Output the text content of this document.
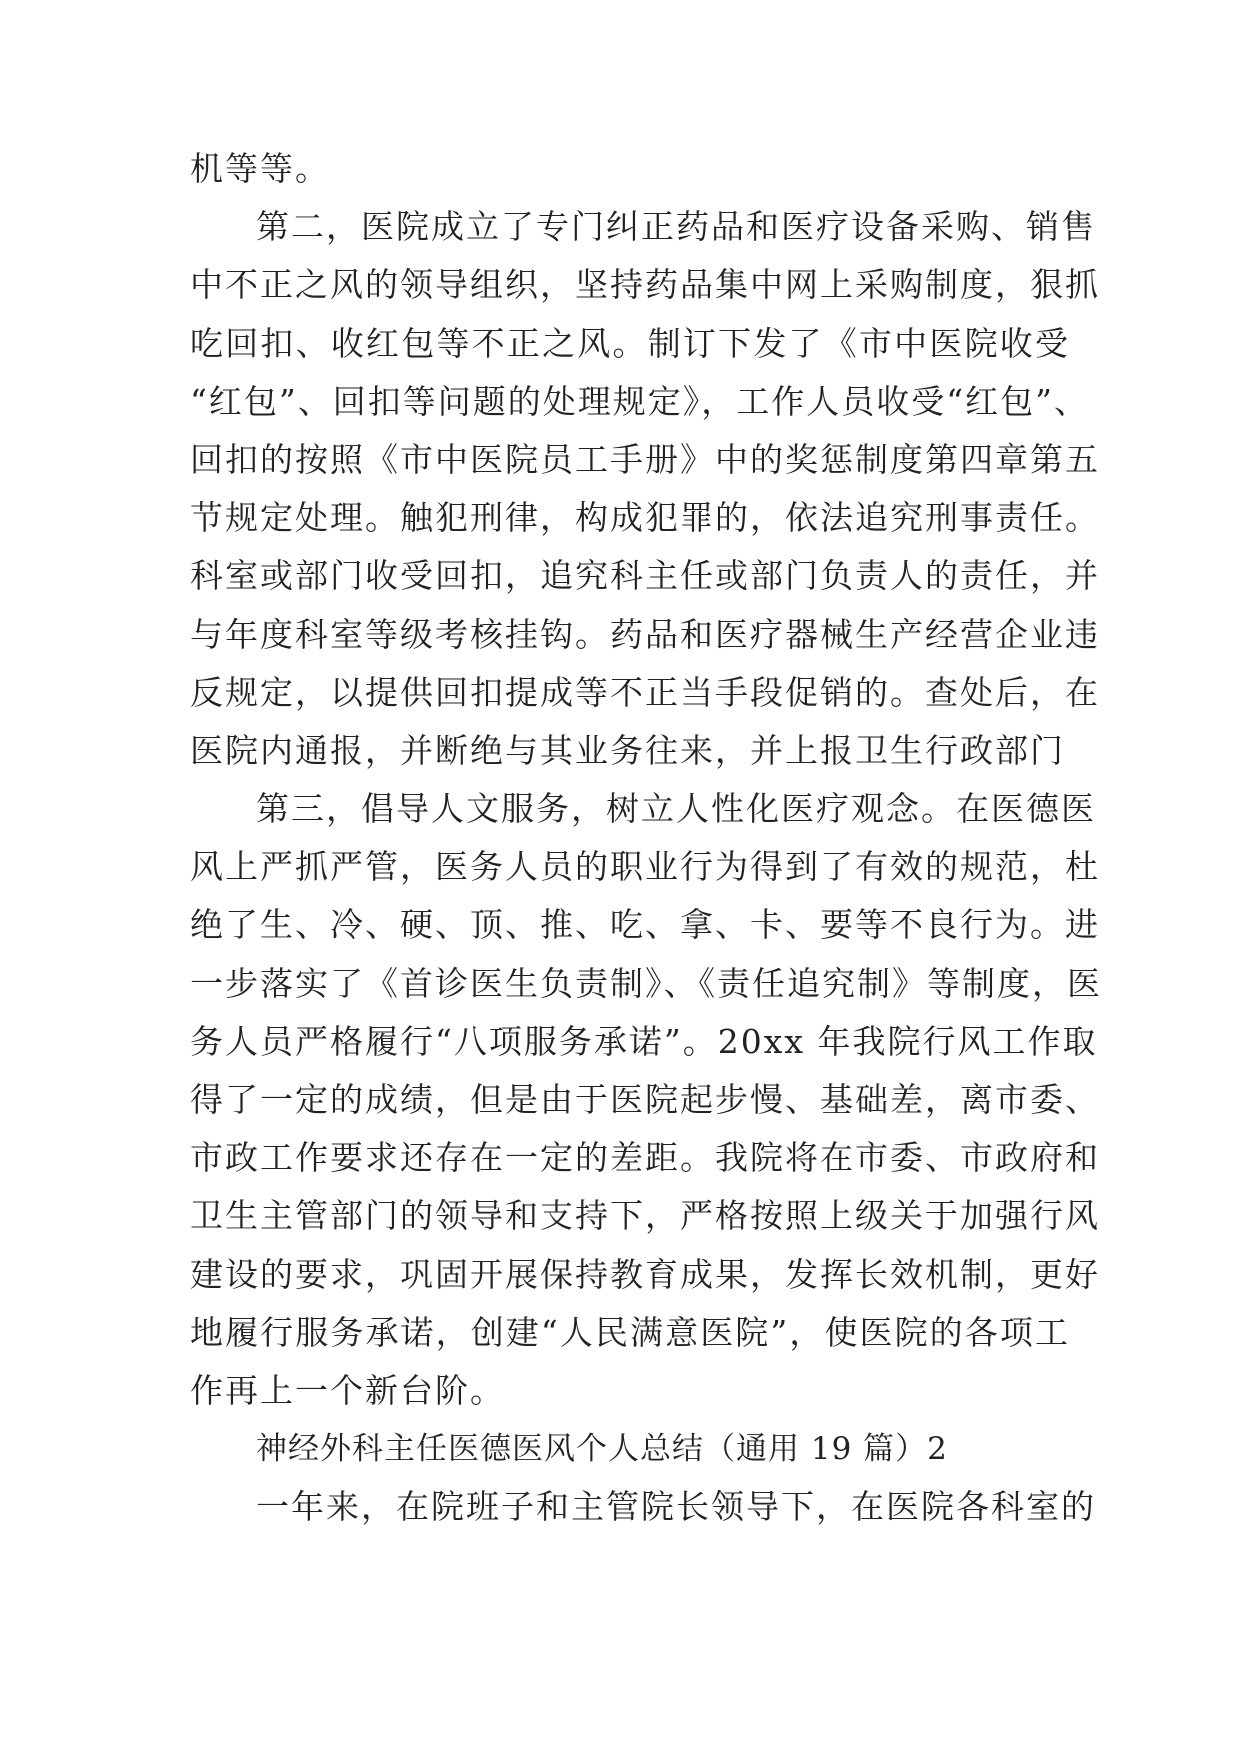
机等等。
第二，医院成立了专门纠正药品和医疗设备采购、销售
中不正之风的领导组织，坚持药品集中网上采购制度，狠抓
吃回扣、收红包等不正之风。制订下发了《市中医院收受
“红包”、回扣等问题的处理规定》，工作人员收受“红包”、
回扣的按照《市中医院员工手册》中的奖惩制度第四章第五
节规定处理。触犯刑律，构成犯罪的，依法追究刑事责任。
科室或部门收受回扣，追究科主任或部门负责人的责任，并
与年度科室等级考核挂钩。药品和医疗器械生产经营企业违
反规定，以提供回扣提成等不正当手段促销的。查处后，在
医院内通报，并断绝与其业务往来，并上报卫生行政部门
第三，倡导人文服务，树立人性化医疗观念。在医德医
风上严抓严管，医务人员的职业行为得到了有效的规范，杜
绝了生、冷、硬、顶、推、吃、拿、卡、要等不良行为。进
一步落实了《首诊医生负责制》、《责任追究制》等制度，医
务人员严格履行“八项服务承诺”。20xx 年我院行风工作取
得了一定的成绩，但是由于医院起步慢、基础差，离市委、
市政工作要求还存在一定的差距。我院将在市委、市政府和
卫生主管部门的领导和支持下，严格按照上级关于加强行风
建设的要求，巩固开展保持教育成果，发挥长效机制，更好
地履行服务承诺，创建“人民满意医院”，使医院的各项工
作再上一个新台阶。
神经外科主任医德医风个人总结（通用 19 篇）2
一年来，在院班子和主管院长领导下，在医院各科室的
